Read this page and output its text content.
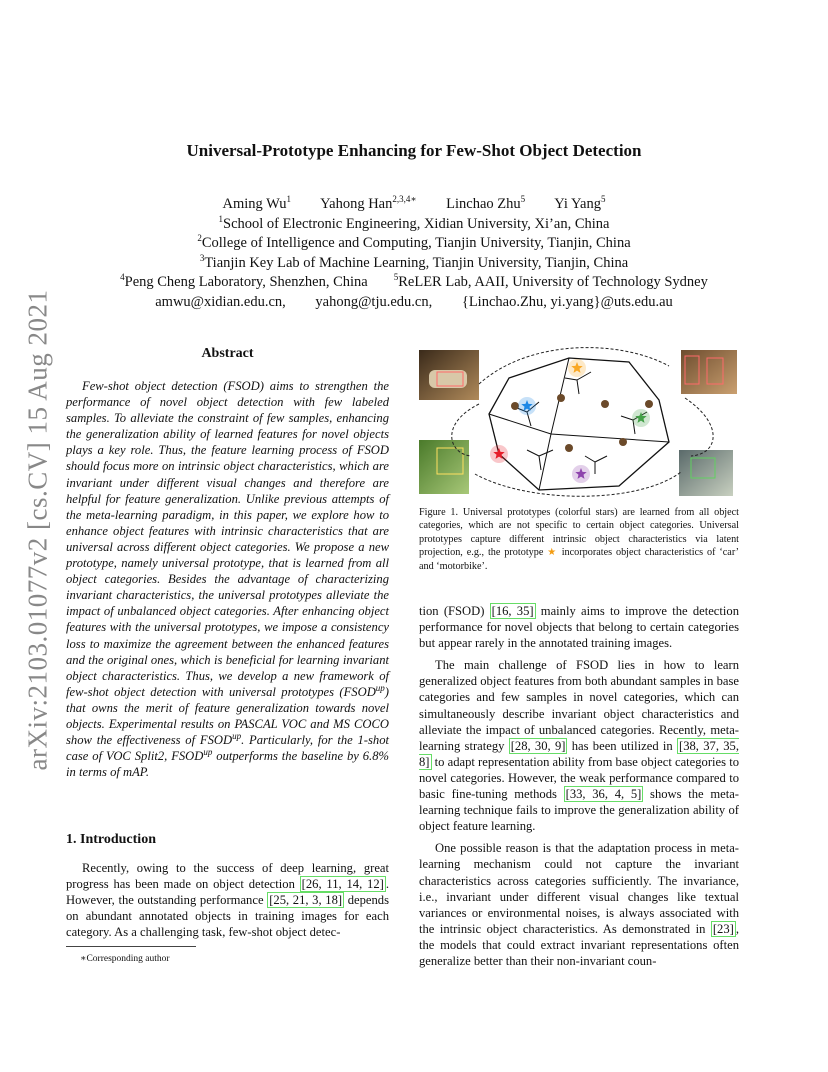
arXiv:2103.01077v2 [cs.CV] 15 Aug 2021
Universal-Prototype Enhancing for Few-Shot Object Detection
Aming Wu$^1$ Yahong Han$^{2,3,4∗}$ Linchao Zhu$^5$ Yi Yang$^5$
$^1$School of Electronic Engineering, Xidian University, Xi’an, China
$^2$College of Intelligence and Computing, Tianjin University, Tianjin, China
$^3$Tianjin Key Lab of Machine Learning, Tianjin University, Tianjin, China
$^4$Peng Cheng Laboratory, Shenzhen, China	$^5$ReLER Lab, AAII, University of Technology Sydney
amwu@xidian.edu.cn, yahong@tju.edu.cn, {Linchao.Zhu, yi.yang}@uts.edu.au
Abstract
Few-shot object detection (FSOD) aims to strengthen the performance of novel object detection with few labeled samples. To alleviate the constraint of few samples, enhancing the generalization ability of learned features for novel objects plays a key role. Thus, the feature learning process of FSOD should focus more on intrinsic object characteristics, which are invariant under different visual changes and therefore are helpful for feature generalization. Unlike previous attempts of the meta-learning paradigm, in this paper, we explore how to enhance object features with intrinsic characteristics that are universal across different object categories. We propose a new prototype, namely universal prototype, that is learned from all object categories. Besides the advantage of characterizing invariant characteristics, the universal prototypes alleviate the impact of unbalanced object categories. After enhancing object features with the universal prototypes, we impose a consistency loss to maximize the agreement between the enhanced features and the original ones, which is beneficial for learning invariant object characteristics. Thus, we develop a new framework of few-shot object detection with universal prototypes $(FSOD^{up})$ that owns the merit of feature generalization towards novel objects. Experimental results on PASCAL VOC and MS COCO show the effectiveness of $FSOD^{up}$. Particularly, for the 1-shot case of VOC Split2, $FSOD^{up}$ outperforms the baseline by 6.8% in terms of mAP.
1. Introduction
Recently, owing to the success of deep learning, great progress has been made on object detection [26, 11, 14, 12] . However, the outstanding performance [25, 21, 3, 18] depends on abundant annotated objects in training images for each category. As a challenging task, few-shot object detec-
∗Corresponding author
Figure 1. Universal prototypes (colorful stars) are learned from all object categories, which are not specific to certain object categories. Universal prototypes capture different intrinsic object characteristics via latent projection, e.g., the prototype ★ incorporates object characteristics of ‘car’ and ‘motorbike’.

tion (FSOD) [16, 35] mainly aims to improve the detection performance for novel objects that belong to certain categories but appear rarely in the annotated training images.

The main challenge of FSOD lies in how to learn generalized object features from both abundant samples in base categories and few samples in novel categories, which can simultaneously describe invariant object characteristics and alleviate the impact of unbalanced categories. Recently, meta-learning strategy [28, 30, 9] has been utilized in [38, 37, 35, 8] to adapt representation ability from base object categories to novel categories. However, the weak performance compared to basic fine-tuning methods [33, 36, 4, 5] shows the meta-learning technique fails to improve the generalization ability of object feature learning.

One possible reason is that the adaptation process in meta-learning mechanism could not capture the invariant characteristics across categories sufficiently. The invariance, i.e., invariant under different visual changes like textual variances or environmental noises, is always associated with the intrinsic object characteristics. As demonstrated in [23] , the models that could extract invariant representations often generalize better than their non-invariant coun-
